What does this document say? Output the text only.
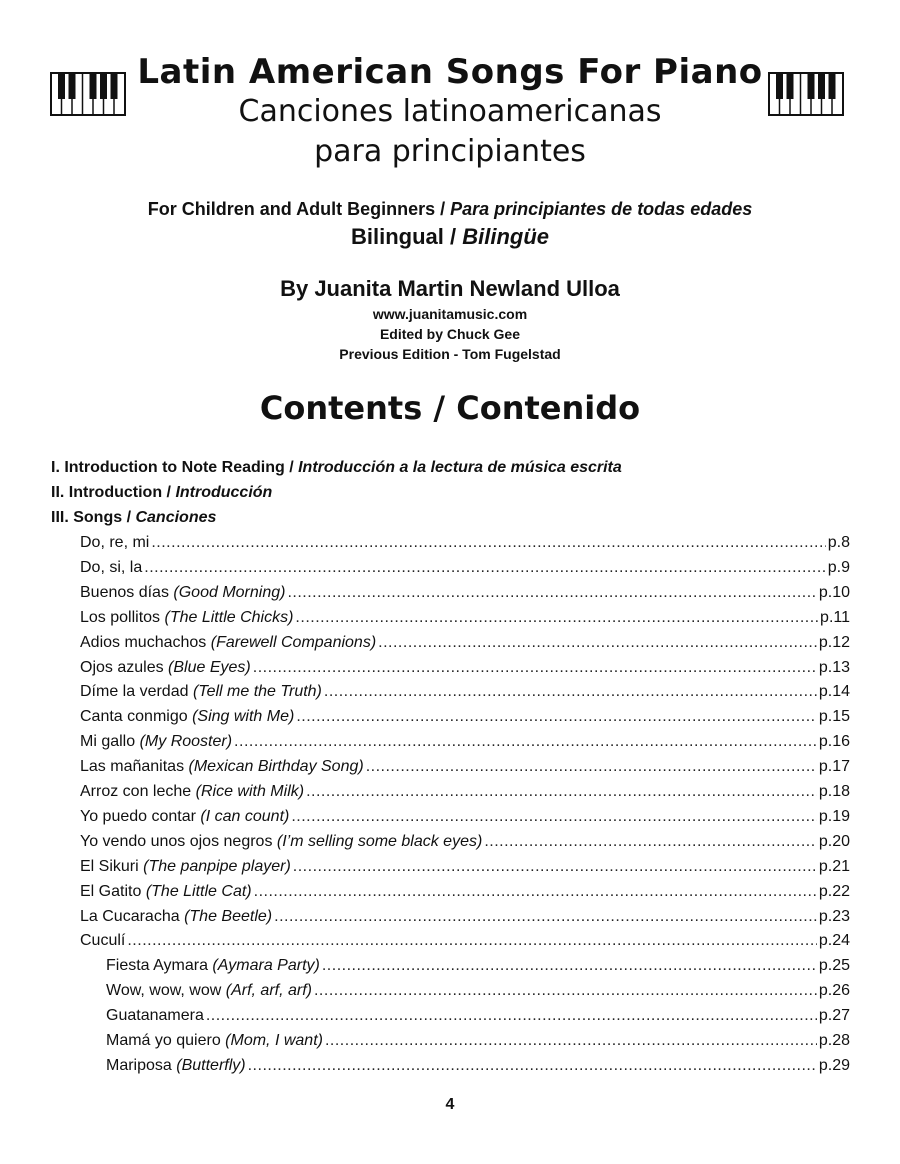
Latin American Songs For Piano
Canciones latinoamericanas
para principiantes
For Children and Adult Beginners / Para principiantes de todas edades
Bilingual / Bilingüe
By Juanita Martin Newland Ulloa
www.juanitamusic.com
Edited by Chuck Gee
Previous Edition - Tom Fugelstad
Contents / Contenido
I. Introduction to Note Reading / Introducción a la lectura de música escrita
II. Introduction / Introducción
III. Songs / Canciones
Do, re, mi .....	p.8
Do, si, la .....	p.9
Buenos días (Good Morning) .....	p.10
Los pollitos (The Little Chicks) .....	p.11
Adios muchachos (Farewell Companions) .....	p.12
Ojos azules (Blue Eyes) .....	p.13
Díme la verdad (Tell me the Truth) .....	p.14
Canta conmigo (Sing with Me) .....	p.15
Mi gallo (My Rooster) .....	p.16
Las mañanitas (Mexican Birthday Song) .....	p.17
Arroz con leche (Rice with Milk) .....	p.18
Yo puedo contar (I can count) .....	p.19
Yo vendo unos ojos negros (I’m selling some black eyes) .....	p.20
El Sikuri (The panpipe player) .....	p.21
El Gatito (The Little Cat) .....	p.22
La Cucaracha (The Beetle) .....	p.23
Cuculí .....	p.24
Fiesta Aymara (Aymara Party) .....	p.25
Wow, wow, wow (Arf, arf, arf) .....	p.26
Guatanamera .....	p.27
Mamá yo quiero (Mom, I want) .....	p.28
Mariposa (Butterfly) .....	p.29
4
